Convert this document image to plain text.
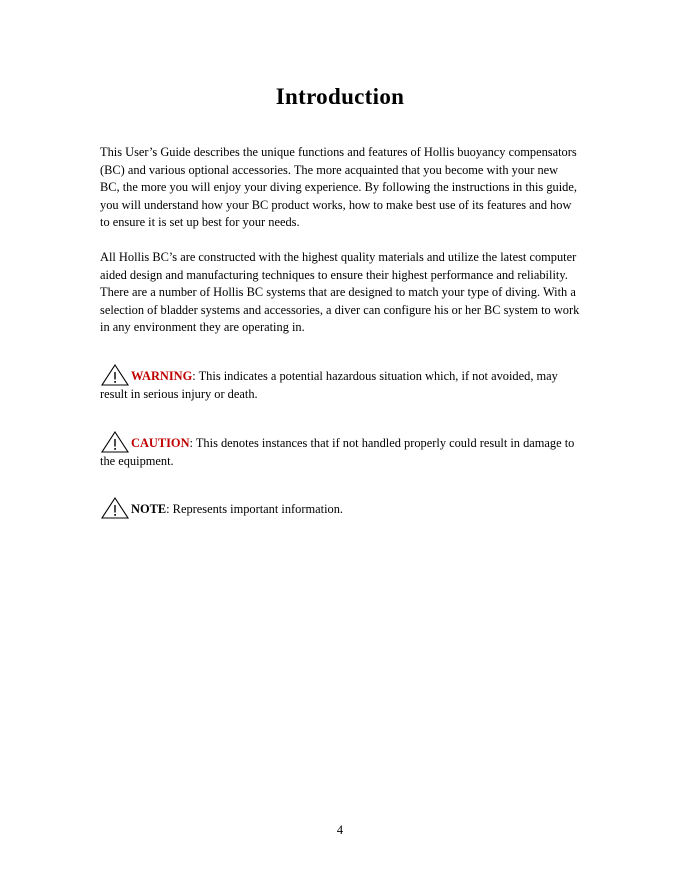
Introduction

This User’s Guide describes the unique functions and features of Hollis buoyancy compensators (BC) and various optional accessories. The more acquainted that you become with your new BC, the more you will enjoy your diving experience. By following the instructions in this guide, you will understand how your BC product works, how to make best use of its features and how to ensure it is set up best for your needs.

All Hollis BC’s are constructed with the highest quality materials and utilize the latest computer aided design and manufacturing techniques to ensure their highest performance and reliability. There are a number of Hollis BC systems that are designed to match your type of diving. With a selection of bladder systems and accessories, a diver can configure his or her BC system to work in any environment they are operating in.

WARNING: This indicates a potential hazardous situation which, if not avoided, may result in serious injury or death.
CAUTION: This denotes instances that if not handled properly could result in damage to the equipment.
NOTE: Represents important information.
4
